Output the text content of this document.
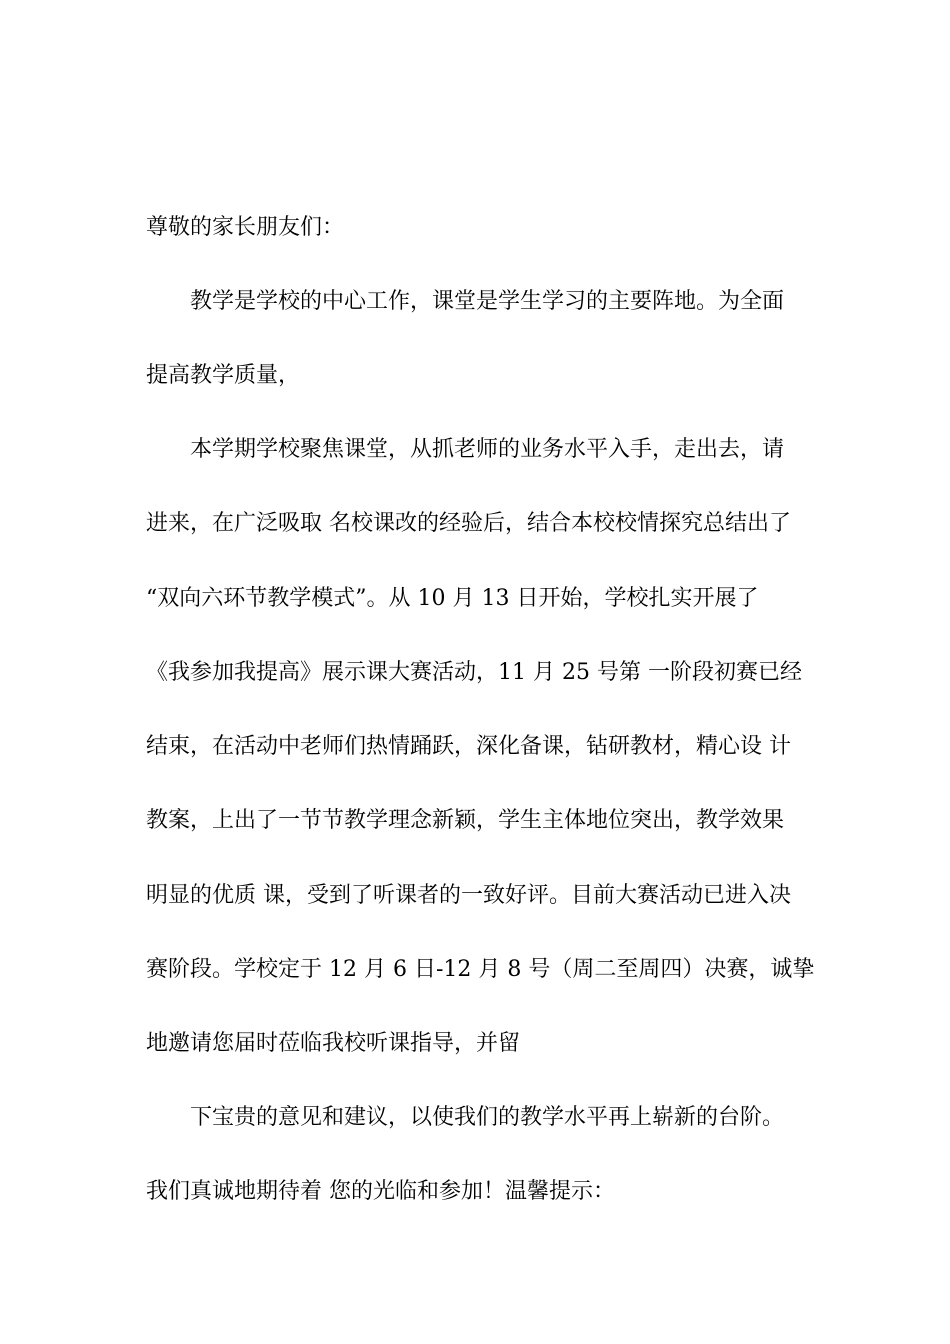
尊敬的家长朋友们：

教学是学校的中心工作，课堂是学生学习的主要阵地。为全面

提高教学质量，

本学期学校聚焦课堂，从抓老师的业务水平入手，走出去，请

进来，在广泛吸取 名校课改的经验后，结合本校校情探究总结出了

“双向六环节教学模式”。从 10 月 13 日开始，学校扎实开展了

《我参加我提高》展示课大赛活动，11 月 25 号第 一阶段初赛已经

结束，在活动中老师们热情踊跃，深化备课，钻研教材，精心设 计

教案，上出了一节节教学理念新颖，学生主体地位突出，教学效果

明显的优质 课，受到了听课者的一致好评。目前大赛活动已进入决

赛阶段。学校定于 12 月 6 日-12 月 8 号（周二至周四）决赛，诚挚

地邀请您届时莅临我校听课指导，并留

下宝贵的意见和建议，以使我们的教学水平再上崭新的台阶。

我们真诚地期待着 您的光临和参加！温馨提示：
